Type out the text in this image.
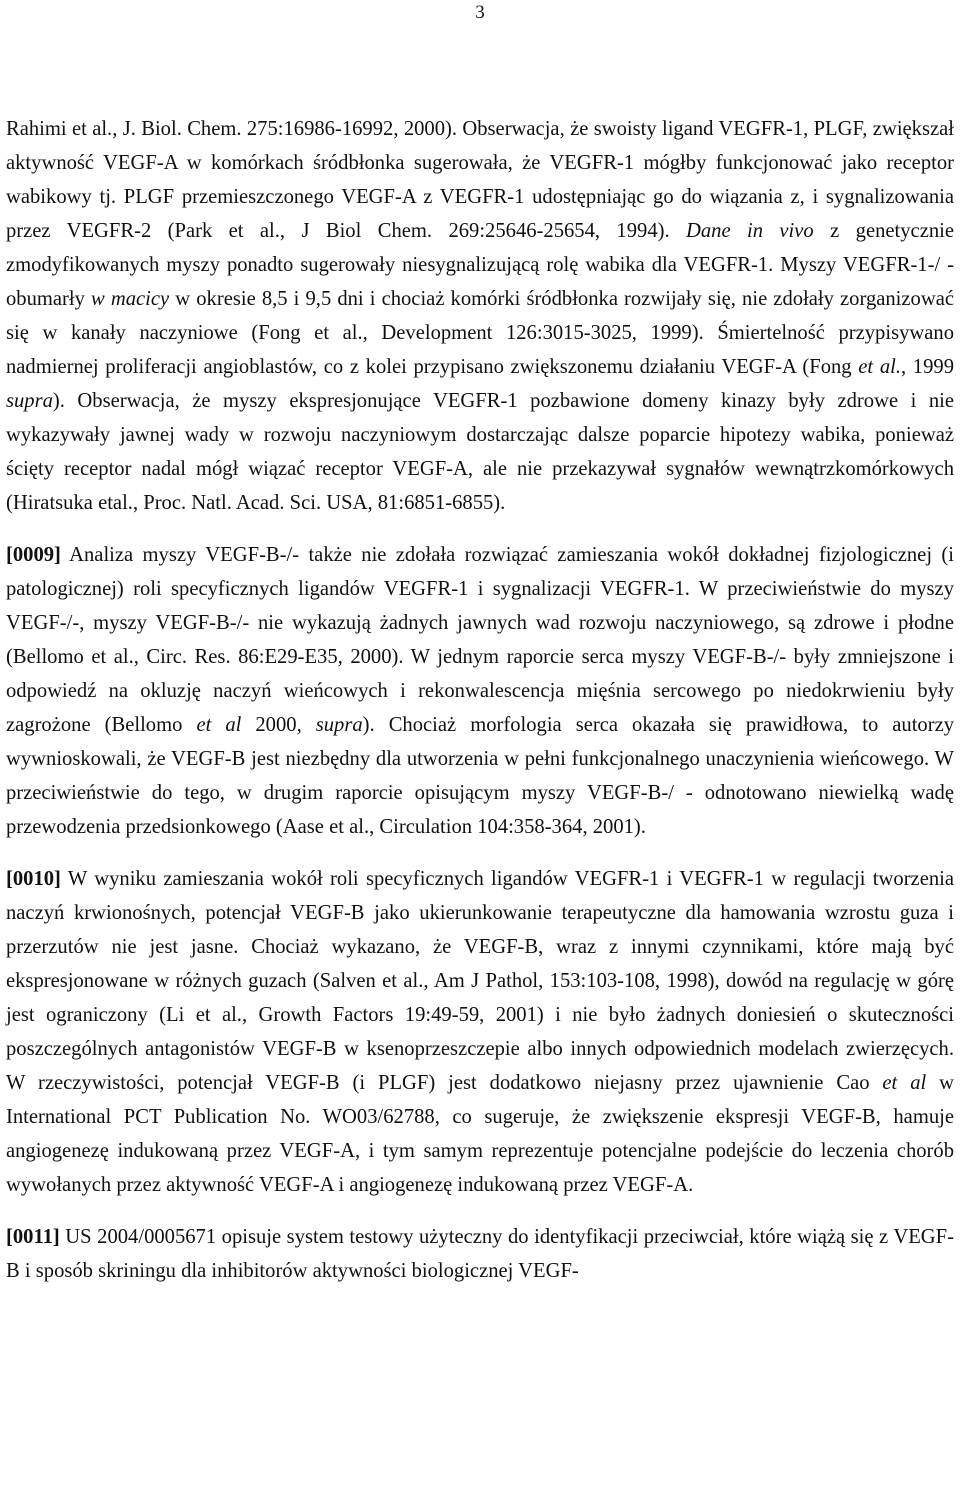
3

Rahimi et al., J. Biol. Chem. 275:16986-16992, 2000). Obserwacja, że swoisty ligand VEGFR-1, PLGF, zwiększał aktywność VEGF-A w komórkach śródbłonka sugerowała, że VEGFR-1 mógłby funkcjonować jako receptor wabikowy tj. PLGF przemieszczonego VEGF-A z VEGFR-1 udostępniając go do wiązania z, i sygnalizowania przez VEGFR-2 (Park et al., J Biol Chem. 269:25646-25654, 1994). Dane in vivo z genetycznie zmodyfikowanych myszy ponadto sugerowały niesygnalizującą rolę wabika dla VEGFR-1. Myszy VEGFR-1-/ - obumarły w macicy w okresie 8,5 i 9,5 dni i chociaż komórki śródbłonka rozwijały się, nie zdołały zorganizować się w kanały naczyniowe (Fong et al., Development 126:3015-3025, 1999). Śmiertelność przypisywano nadmiernej proliferacji angioblastów, co z kolei przypisano zwiększonemu działaniu VEGF-A (Fong et al., 1999 supra). Obserwacja, że myszy ekspresjonujące VEGFR-1 pozbawione domeny kinazy były zdrowe i nie wykazywały jawnej wady w rozwoju naczyniowym dostarczając dalsze poparcie hipotezy wabika, ponieważ ścięty receptor nadal mógł wiązać receptor VEGF-A, ale nie przekazywał sygnałów wewnątrzkomórkowych (Hiratsuka etal., Proc. Natl. Acad. Sci. USA, 81:6851-6855).

[0009] Analiza myszy VEGF-B-/- także nie zdołała rozwiązać zamieszania wokół dokładnej fizjologicznej (i patologicznej) roli specyficznych ligandów VEGFR-1 i sygnalizacji VEGFR-1. W przeciwieństwie do myszy VEGF-/-, myszy VEGF-B-/- nie wykazują żadnych jawnych wad rozwoju naczyniowego, są zdrowe i płodne (Bellomo et al., Circ. Res. 86:E29-E35, 2000). W jednym raporcie serca myszy VEGF-B-/- były zmniejszone i odpowiedź na okluzję naczyń wieńcowych i rekonwalescencja mięśnia sercowego po niedokrwieniu były zagrożone (Bellomo et al 2000, supra). Chociaż morfologia serca okazała się prawidłowa, to autorzy wywnioskowali, że VEGF-B jest niezbędny dla utworzenia w pełni funkcjonalnego unaczynienia wieńcowego. W przeciwieństwie do tego, w drugim raporcie opisującym myszy VEGF-B-/ - odnotowano niewielką wadę przewodzenia przedsionkowego (Aase et al., Circulation 104:358-364, 2001).

[0010] W wyniku zamieszania wokół roli specyficznych ligandów VEGFR-1 i VEGFR-1 w regulacji tworzenia naczyń krwionośnych, potencjał VEGF-B jako ukierunkowanie terapeutyczne dla hamowania wzrostu guza i przerzutów nie jest jasne. Chociaż wykazano, że VEGF-B, wraz z innymi czynnikami, które mają być ekspresjonowane w różnych guzach (Salven et al., Am J Pathol, 153:103-108, 1998), dowód na regulację w górę jest ograniczony (Li et al., Growth Factors 19:49-59, 2001) i nie było żadnych doniesień o skuteczności poszczególnych antagonistów VEGF-B w ksenoprzeszczepie albo innych odpowiednich modelach zwierzęcych. W rzeczywistości, potencjał VEGF-B (i PLGF) jest dodatkowo niejasny przez ujawnienie Cao et al w International PCT Publication No. WO03/62788, co sugeruje, że zwiększenie ekspresji VEGF-B, hamuje angiogenezę indukowaną przez VEGF-A, i tym samym reprezentuje potencjalne podejście do leczenia chorób wywołanych przez aktywność VEGF-A i angiogenezę indukowaną przez VEGF-A.

[0011] US 2004/0005671 opisuje system testowy użyteczny do identyfikacji przeciwciał, które wiążą się z VEGF-B i sposób skriningu dla inhibitorów aktywności biologicznej VEGF-
